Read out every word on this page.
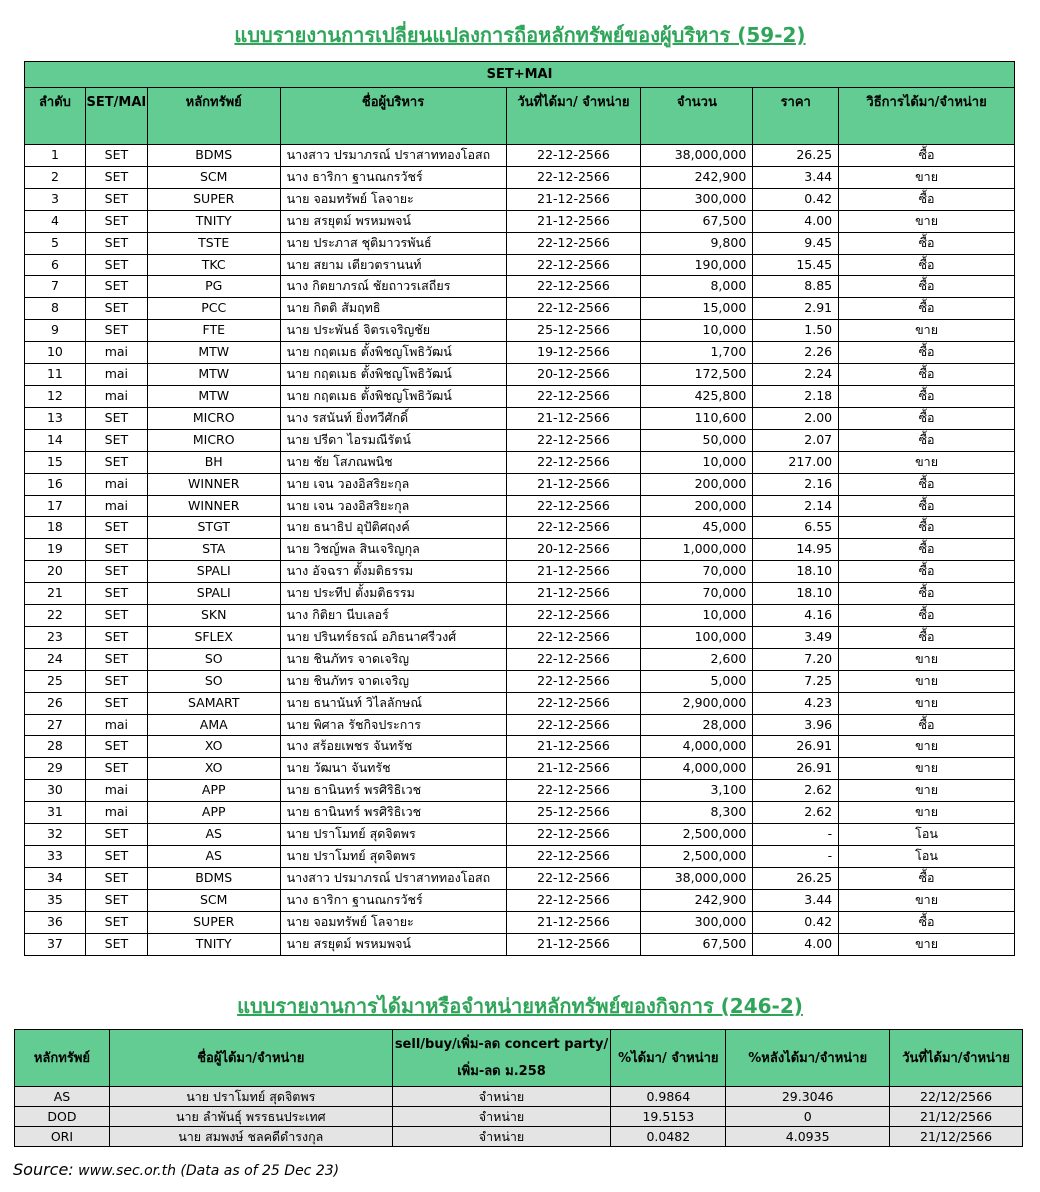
แบบรายงานการเปลี่ยนแปลงการถือหลักทรัพย์ของผู้บริหาร (59-2)
SET+MAI							
ลำดับ	SET/MAI	หลักทรัพย์	ชื่อผู้บริหาร	วันที่ได้มา/ จำหน่าย	จำนวน	ราคา	วิธีการได้มา/จำหน่าย
1	SET	BDMS	นางสาว ปรมาภรณ์ ปราสาททองโอสถ	22-12-2566	38,000,000	26.25	ซื้อ
2	SET	SCM	นาง ธาริกา ฐานณกรวัชร์	22-12-2566	242,900	3.44	ขาย
3	SET	SUPER	นาย จอมทรัพย์ โลจายะ	21-12-2566	300,000	0.42	ซื้อ
4	SET	TNITY	นาย สรยุตม์ พรหมพจน์	21-12-2566	67,500	4.00	ขาย
5	SET	TSTE	นาย ประภาส ชุติมาวรพันธ์	22-12-2566	9,800	9.45	ซื้อ
6	SET	TKC	นาย สยาม เตียวตรานนท์	22-12-2566	190,000	15.45	ซื้อ
7	SET	PG	นาง กิตยาภรณ์ ชัยถาวรเสถียร	22-12-2566	8,000	8.85	ซื้อ
8	SET	PCC	นาย กิตติ สัมฤทธิ	22-12-2566	15,000	2.91	ซื้อ
9	SET	FTE	นาย ประพันธ์ จิตรเจริญชัย	25-12-2566	10,000	1.50	ขาย
10	mai	MTW	นาย กฤตเมธ ตั้งพิชญโพธิวัฒน์	19-12-2566	1,700	2.26	ซื้อ
11	mai	MTW	นาย กฤตเมธ ตั้งพิชญโพธิวัฒน์	20-12-2566	172,500	2.24	ซื้อ
12	mai	MTW	นาย กฤตเมธ ตั้งพิชญโพธิวัฒน์	22-12-2566	425,800	2.18	ซื้อ
13	SET	MICRO	นาง รสนันท์ ยิ่งทวีศักดิ์	21-12-2566	110,600	2.00	ซื้อ
14	SET	MICRO	นาย ปรีดา ไอรมณีรัตน์	22-12-2566	50,000	2.07	ซื้อ
15	SET	BH	นาย ชัย โสภณพนิช	22-12-2566	10,000	217.00	ขาย
16	mai	WINNER	นาย เจน วองอิสริยะกุล	21-12-2566	200,000	2.16	ซื้อ
17	mai	WINNER	นาย เจน วองอิสริยะกุล	22-12-2566	200,000	2.14	ซื้อ
18	SET	STGT	นาย ธนาธิป อุปัติศฤงค์	22-12-2566	45,000	6.55	ซื้อ
19	SET	STA	นาย วิชญ์พล สินเจริญกุล	20-12-2566	1,000,000	14.95	ซื้อ
20	SET	SPALI	นาง อัจฉรา ตั้งมติธรรม	21-12-2566	70,000	18.10	ซื้อ
21	SET	SPALI	นาย ประทีป ตั้งมติธรรม	21-12-2566	70,000	18.10	ซื้อ
22	SET	SKN	นาง กิติยา นีบเลอร์	22-12-2566	10,000	4.16	ซื้อ
23	SET	SFLEX	นาย ปรินทร์ธรณ์ อภิธนาศรีวงศ์	22-12-2566	100,000	3.49	ซื้อ
24	SET	SO	นาย ชินภัทร จาดเจริญ	22-12-2566	2,600	7.20	ขาย
25	SET	SO	นาย ชินภัทร จาดเจริญ	22-12-2566	5,000	7.25	ขาย
26	SET	SAMART	นาย ธนานันท์ วิไลลักษณ์	22-12-2566	2,900,000	4.23	ขาย
27	mai	AMA	นาย พิศาล รัชกิจประการ	22-12-2566	28,000	3.96	ซื้อ
28	SET	XO	นาง สร้อยเพชร จันทรัช	21-12-2566	4,000,000	26.91	ขาย
29	SET	XO	นาย วัฒนา จันทรัช	21-12-2566	4,000,000	26.91	ขาย
30	mai	APP	นาย ธานินทร์ พรศิริธิเวช	22-12-2566	3,100	2.62	ขาย
31	mai	APP	นาย ธานินทร์ พรศิริธิเวช	25-12-2566	8,300	2.62	ขาย
32	SET	AS	นาย ปราโมทย์ สุดจิตพร	22-12-2566	2,500,000	-	โอน
33	SET	AS	นาย ปราโมทย์ สุดจิตพร	22-12-2566	2,500,000	-	โอน
34	SET	BDMS	นางสาว ปรมาภรณ์ ปราสาททองโอสถ	22-12-2566	38,000,000	26.25	ซื้อ
35	SET	SCM	นาง ธาริกา ฐานณกรวัชร์	22-12-2566	242,900	3.44	ขาย
36	SET	SUPER	นาย จอมทรัพย์ โลจายะ	21-12-2566	300,000	0.42	ซื้อ
37	SET	TNITY	นาย สรยุตม์ พรหมพจน์	21-12-2566	67,500	4.00	ขาย
แบบรายงานการได้มาหรือจำหน่ายหลักทรัพย์ของกิจการ (246-2)
หลักทรัพย์	ชื่อผู้ได้มา/จำหน่าย	sell/buy/เพิ่ม-ลด concert party/เพิ่ม-ลด ม.258	%ได้มา/ จำหน่าย	%หลังได้มา/จำหน่าย	วันที่ได้มา/จำหน่าย
AS	นาย ปราโมทย์ สุดจิตพร	จำหน่าย	0.9864	29.3046	22/12/2566
DOD	นาย ลำพันธุ์ พรรธนประเทศ	จำหน่าย	19.5153	0	21/12/2566
ORI	นาย สมพงษ์ ชลคดีดำรงกุล	จำหน่าย	0.0482	4.0935	21/12/2566
Source: www.sec.or.th (Data as of 25 Dec 23)
